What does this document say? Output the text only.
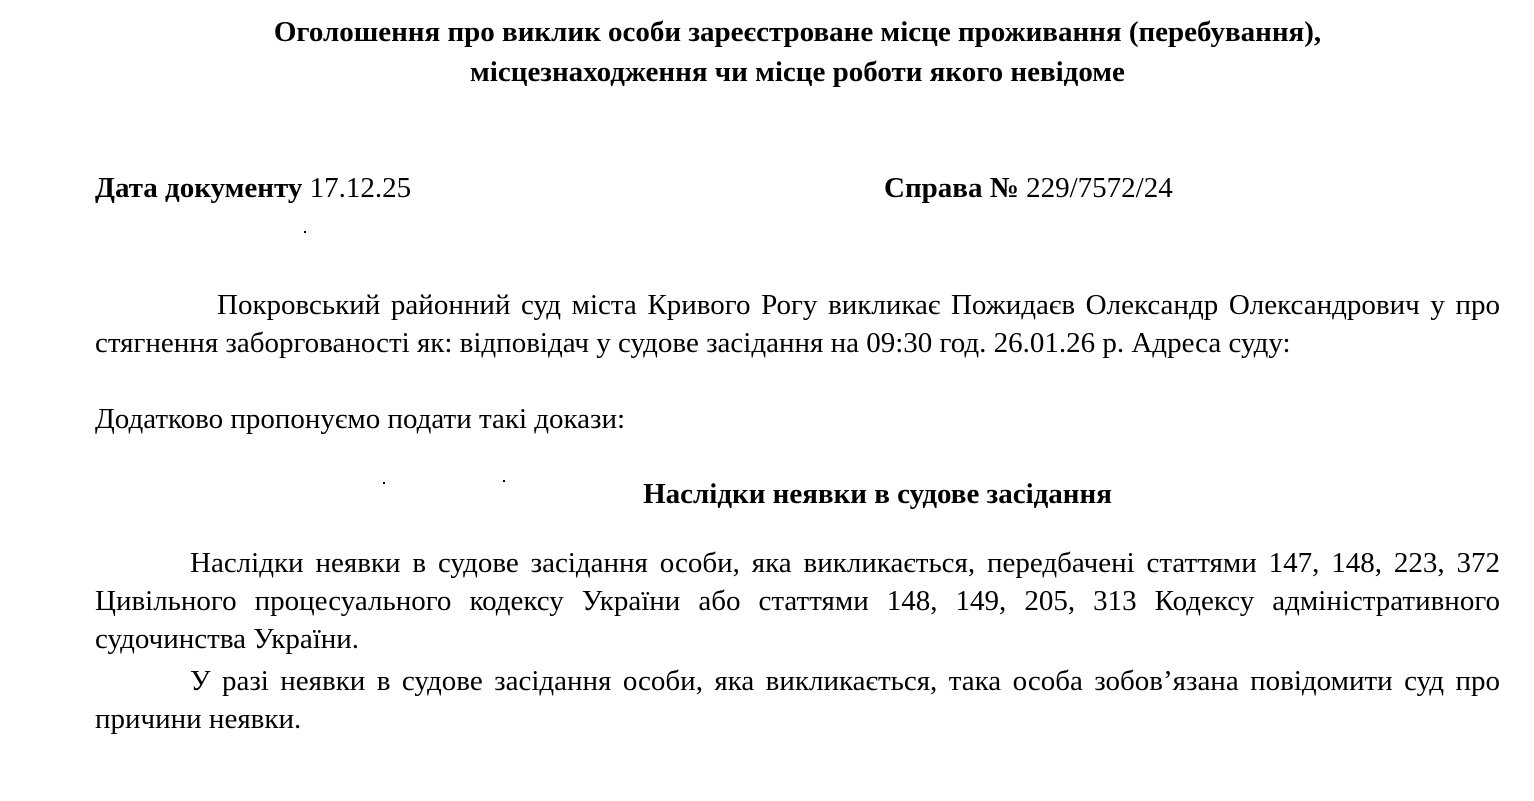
Оголошення про виклик особи зареєстроване місце проживання (перебування),

місцезнаходження чи місце роботи якого невідоме

Дата документу 17.12.25	Справа № 229/7572/24

Покровський районний суд міста Кривого Рогу викликає Пожидаєв Олександр Олександрович у про стягнення заборгованості як: відповідач у судове засідання на 09:30 год. 26.01.26 р. Адреса суду:

Додатково пропонуємо подати такі докази:

Наслідки неявки в судове засідання

Наслідки неявки в судове засідання особи, яка викликається, передбачені статтями 147, 148, 223, 372 Цивільного процесуального кодексу України або статтями 148, 149, 205, 313 Кодексу адміністративного судочинства України.

У разі неявки в судове засідання особи, яка викликається, така особа зобов’язана повідомити суд про причини неявки.
